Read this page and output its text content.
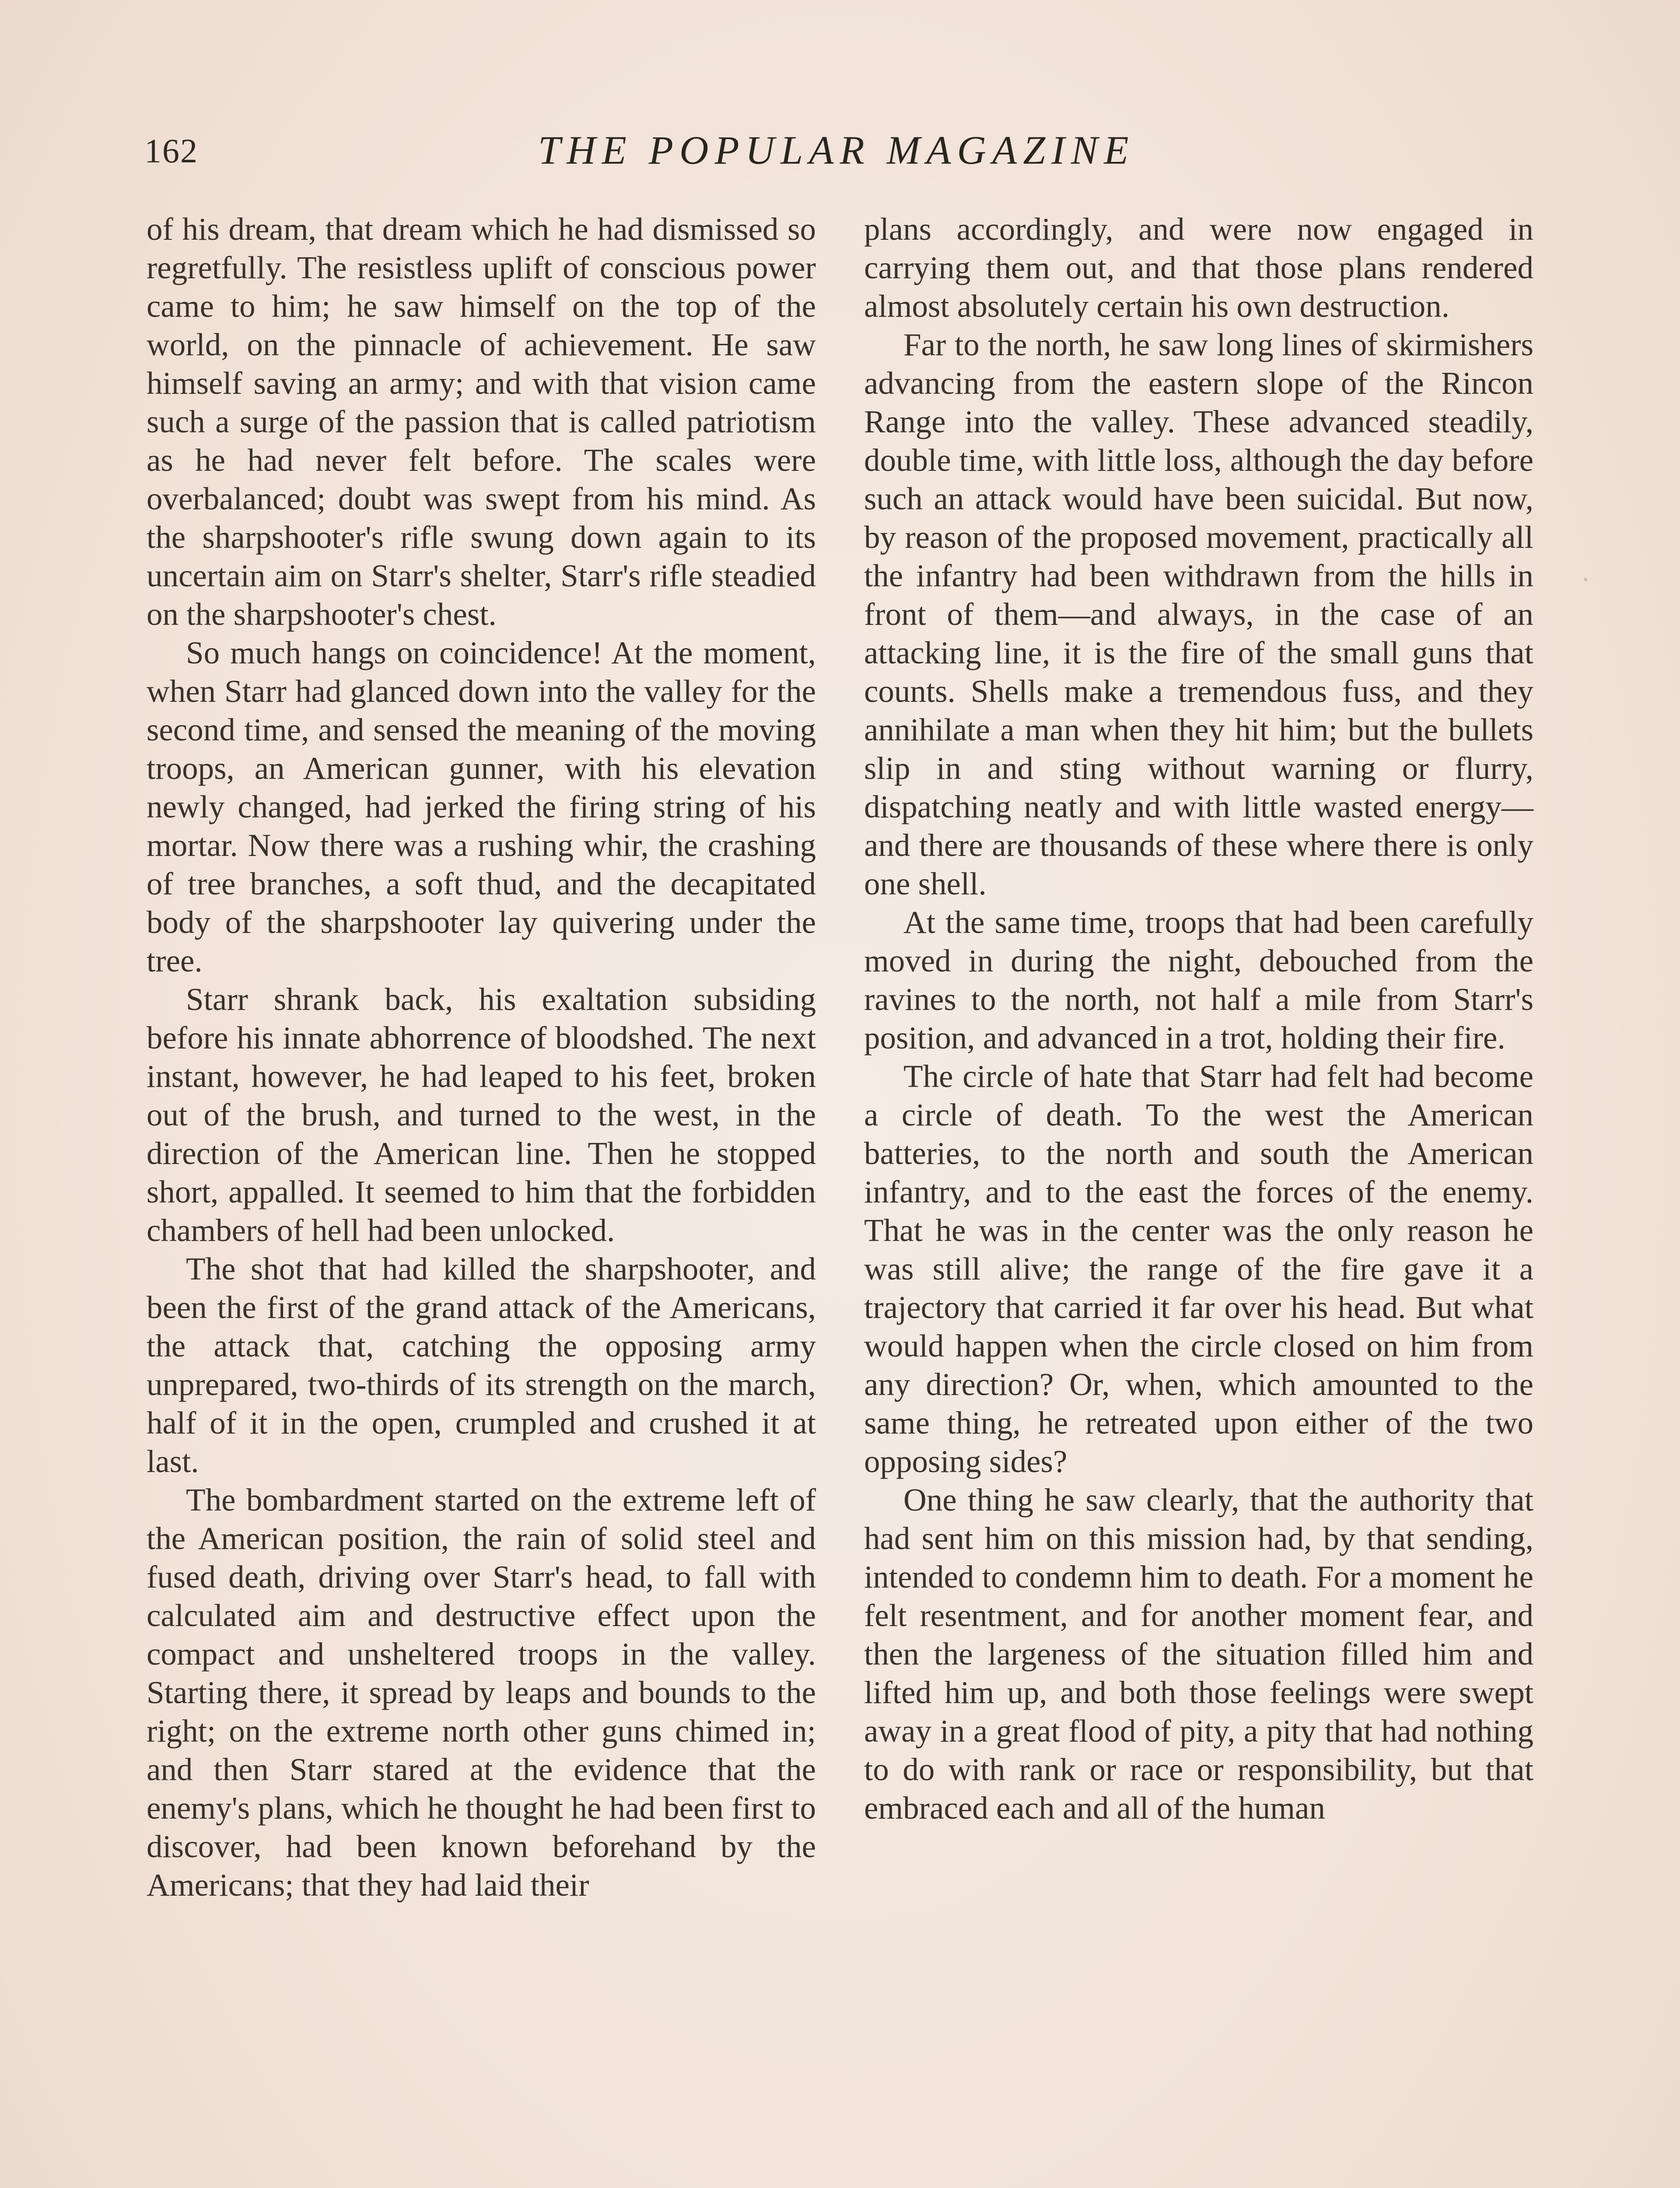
162	THE POPULAR MAGAZINE

of his dream, that dream which he had dismissed so regretfully. The resistless uplift of conscious power came to him; he saw himself on the top of the world, on the pinnacle of achievement. He saw himself saving an army; and with that vision came such a surge of the passion that is called patriotism as he had never felt before. The scales were overbalanced; doubt was swept from his mind. As the sharpshooter's rifle swung down again to its uncertain aim on Starr's shelter, Starr's rifle steadied on the sharpshooter's chest.

So much hangs on coincidence! At the moment, when Starr had glanced down into the valley for the second time, and sensed the meaning of the moving troops, an American gunner, with his elevation newly changed, had jerked the firing string of his mortar. Now there was a rushing whir, the crashing of tree branches, a soft thud, and the decapitated body of the sharpshooter lay quivering under the tree.

Starr shrank back, his exaltation subsiding before his innate abhorrence of bloodshed. The next instant, however, he had leaped to his feet, broken out of the brush, and turned to the west, in the direction of the American line. Then he stopped short, appalled. It seemed to him that the forbidden chambers of hell had been unlocked.

The shot that had killed the sharpshooter, and been the first of the grand attack of the Americans, the attack that, catching the opposing army unprepared, two-thirds of its strength on the march, half of it in the open, crumpled and crushed it at last.

The bombardment started on the extreme left of the American position, the rain of solid steel and fused death, driving over Starr's head, to fall with calculated aim and destructive effect upon the compact and unsheltered troops in the valley. Starting there, it spread by leaps and bounds to the right; on the extreme north other guns chimed in; and then Starr stared at the evidence that the enemy's plans, which he thought he had been first to discover, had been known beforehand by the Americans; that they had laid their

plans accordingly, and were now engaged in carrying them out, and that those plans rendered almost absolutely certain his own destruction.

Far to the north, he saw long lines of skirmishers advancing from the eastern slope of the Rincon Range into the valley. These advanced steadily, double time, with little loss, although the day before such an attack would have been suicidal. But now, by reason of the proposed movement, practically all the infantry had been withdrawn from the hills in front of them—and always, in the case of an attacking line, it is the fire of the small guns that counts. Shells make a tremendous fuss, and they annihilate a man when they hit him; but the bullets slip in and sting without warning or flurry, dispatching neatly and with little wasted energy—and there are thousands of these where there is only one shell.

At the same time, troops that had been carefully moved in during the night, debouched from the ravines to the north, not half a mile from Starr's position, and advanced in a trot, holding their fire.

The circle of hate that Starr had felt had become a circle of death. To the west the American batteries, to the north and south the American infantry, and to the east the forces of the enemy. That he was in the center was the only reason he was still alive; the range of the fire gave it a trajectory that carried it far over his head. But what would happen when the circle closed on him from any direction? Or, when, which amounted to the same thing, he retreated upon either of the two opposing sides?

One thing he saw clearly, that the authority that had sent him on this mission had, by that sending, intended to condemn him to death. For a moment he felt resentment, and for another moment fear, and then the largeness of the situation filled him and lifted him up, and both those feelings were swept away in a great flood of pity, a pity that had nothing to do with rank or race or responsibility, but that embraced each and all of the human
